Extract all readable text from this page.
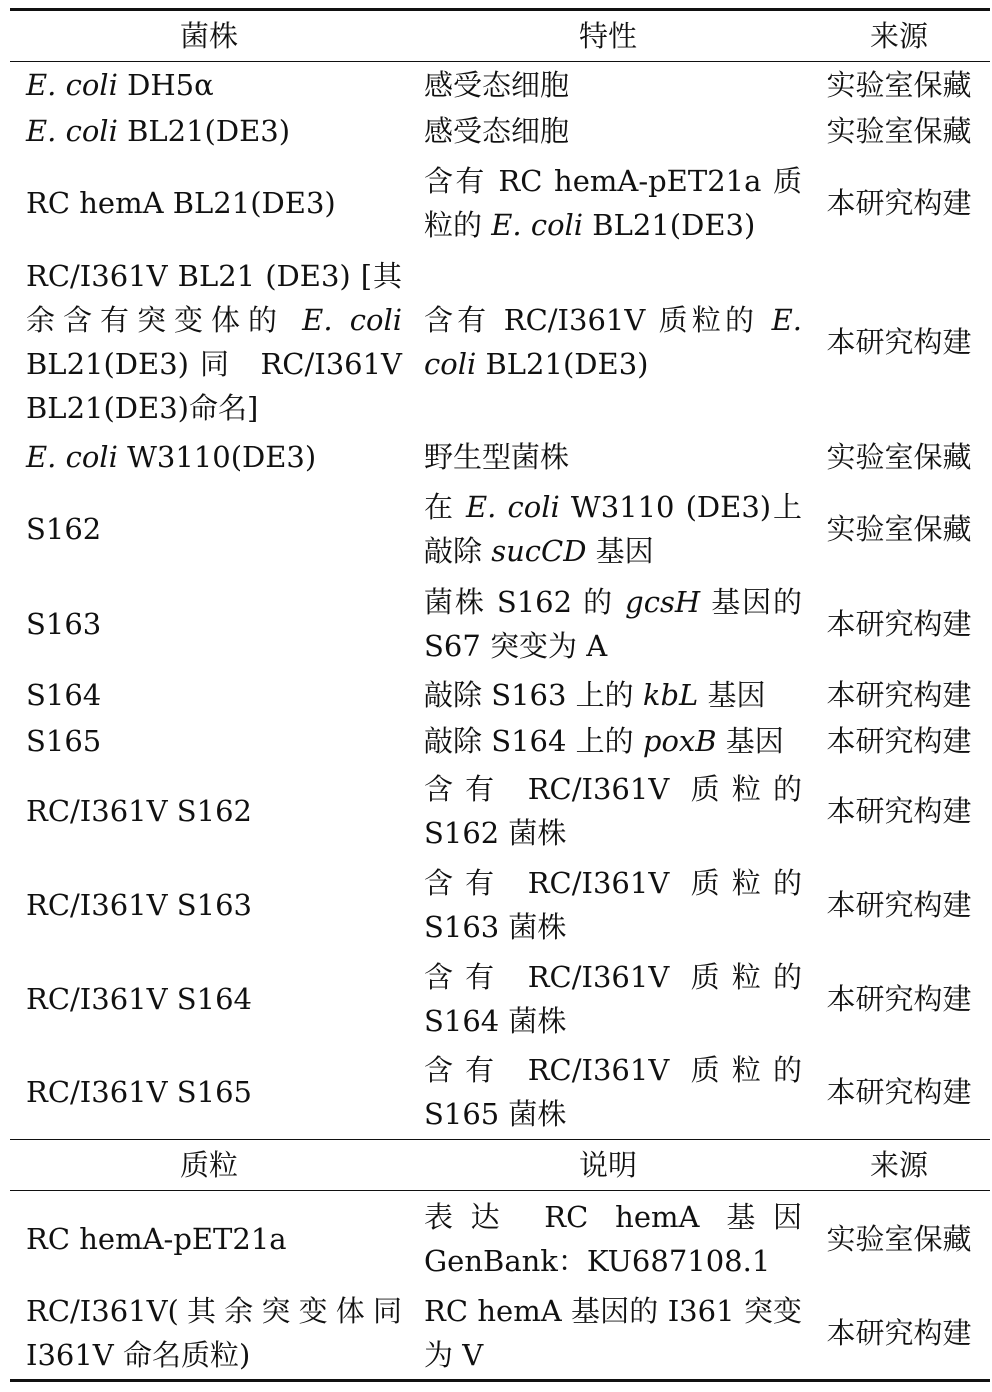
菌株	特性	来源
E. coli DH5α	感受态细胞	实验室保藏
E. coli BL21(DE3)	感受态细胞	实验室保藏
RC hemA BL21(DE3)	含有 RC hemA-pET21a 质粒的 E. coli BL21(DE3)	本研究构建
RC/I361V BL21 (DE3) [其余含有突变体的 E. coli BL21(DE3)同 RC/I361V BL21(DE3)命名]	含有 RC/I361V 质粒的 E. coli BL21(DE3)	本研究构建
E. coli W3110(DE3)	野生型菌株	实验室保藏
S162	在 E. coli W3110 (DE3)上敲除 sucCD 基因	实验室保藏
S163	菌株 S162 的 gcsH 基因的 S67 突变为 A	本研究构建
S164	敲除 S163 上的 kbL 基因	本研究构建
S165	敲除 S164 上的 poxB 基因	本研究构建
RC/I361V S162	含有 RC/I361V 质粒的 S162 菌株	本研究构建
RC/I361V S163	含有 RC/I361V 质粒的 S163 菌株	本研究构建
RC/I361V S164	含有 RC/I361V 质粒的 S164 菌株	本研究构建
RC/I361V S165	含有 RC/I361V 质粒的 S165 菌株	本研究构建
质粒	说明	来源
RC hemA-pET21a	表达 RC hemA 基因 GenBank：KU687108.1	实验室保藏
RC/I361V(其余突变体同 I361V 命名质粒)	RC hemA 基因的 I361 突变为 V	本研究构建
